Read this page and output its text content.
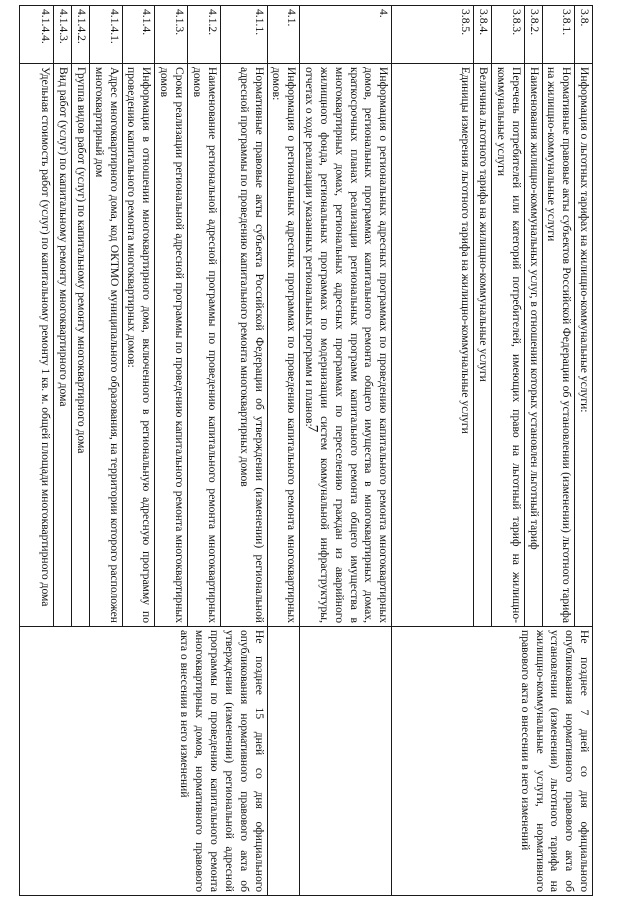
7
3.8.	Информация о льготных тарифах на жилищно-коммунальные услуги:	Не позднее 7 дней со дня официального опубликования нормативного правового акта об установлении (изменении) льготного тарифа на жилищно-коммунальные услуги, нормативного правового акта о внесении в него изменений
3.8.1.	Нормативные правовые акты субъектов Российской Федерации об установлении (изменении) льготного тарифа на жилищно-коммунальные услуги	
3.8.2.	Наименования жилищно-коммунальных услуг, в отношении которых установлен льготный тариф	
3.8.3.	Перечень потребителей или категорий потребителей, имеющих право на льготный тариф на жилищно-коммунальные услуги	
3.8.4.	Величина льготного тарифа на жилищно-коммунальные услуги	
3.8.5.	Единицы измерения льготного тарифа на жилищно-коммунальные услуги	
4.	Информация о региональных адресных программах по проведению капитального ремонта многоквартирных домов, региональных программах капитального ремонта общего имущества в многоквартирных домах, краткосрочных планах реализации региональных программ капитального ремонта общего имущества в многоквартирных домах, региональных адресных программах по переселению граждан из аварийного жилищного фонда, региональных программах по модернизации систем коммунальной инфраструктуры, отчетах о ходе реализации указанных региональных программ и планов:	
4.1.	Информация о региональных адресных программах по проведению капитального ремонта многоквартирных домов:	
4.1.1.	Нормативные правовые акты субъекта Российской Федерации об утверждении (изменении) региональной адресной программы по проведению капитального ремонта многоквартирных домов	Не позднее 15 дней со дня официального опубликования нормативного правового акта об утверждении (изменении) региональной адресной программы по проведению капитального ремонта многоквартирных домов, нормативного правового акта о внесении в него изменений
4.1.2.	Наименование региональной адресной программы по проведению капитального ремонта многоквартирных домов	
4.1.3.	Сроки реализации региональной адресной программы по проведению капитального ремонта многоквартирных домов	
4.1.4.	Информация в отношении многоквартирного дома, включенного в региональную адресную программу по проведению капитального ремонта многоквартирных домов:	
4.1.4.1.	Адрес многоквартирного дома, код ОКТМО муниципального образования, на территории которого расположен многоквартирный дом	
4.1.4.2.	Группа видов работ (услуг) по капитальному ремонту многоквартирного дома	
4.1.4.3.	Вид работ (услуг) по капитальному ремонту многоквартирного дома	
4.1.4.4.	Удельная стоимость работ (услуг) по капитальному ремонту 1 кв. м. общей площади многоквартирного дома	
